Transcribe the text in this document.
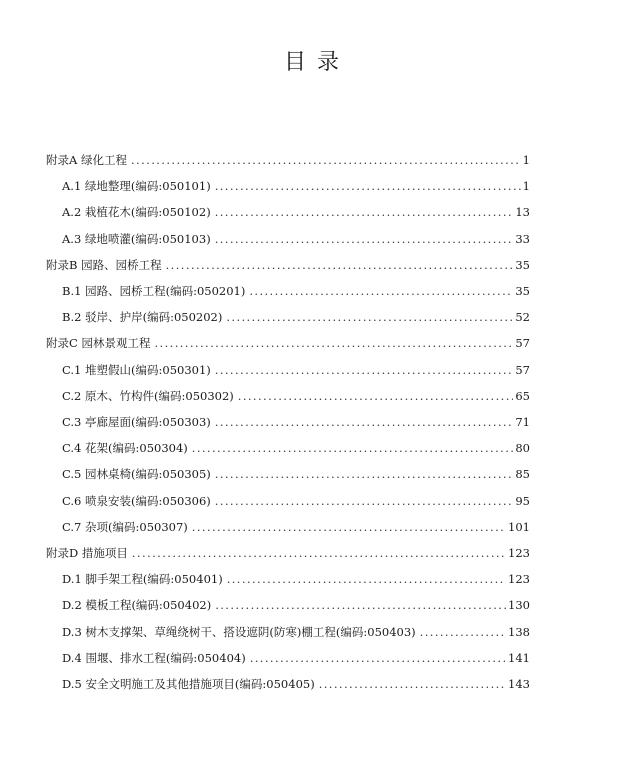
目 录
附录A 绿化工程 .....	1
A.1 绿地整理(编码:050101) .....	1
A.2 栽植花木(编码:050102) .....	13
A.3 绿地喷灌(编码:050103) .....	33
附录B 园路、园桥工程 .....	35
B.1 园路、园桥工程(编码:050201) .....	35
B.2 驳岸、护岸(编码:050202) .....	52
附录C 园林景观工程 .....	57
C.1 堆塑假山(编码:050301) .....	57
C.2 原木、竹构件(编码:050302) .....	65
C.3 亭廊屋面(编码:050303) .....	71
C.4 花架(编码:050304) .....	80
C.5 园林桌椅(编码:050305) .....	85
C.6 喷泉安装(编码:050306) .....	95
C.7 杂项(编码:050307) .....	101
附录D 措施项目 .....	123
D.1 脚手架工程(编码:050401) .....	123
D.2 模板工程(编码:050402) .....	130
D.3 树木支撑架、草绳绕树干、搭设遮阴(防寒)棚工程(编码:050403) .....	138
D.4 围堰、排水工程(编码:050404) .....	141
D.5 安全文明施工及其他措施项目(编码:050405) .....	143
